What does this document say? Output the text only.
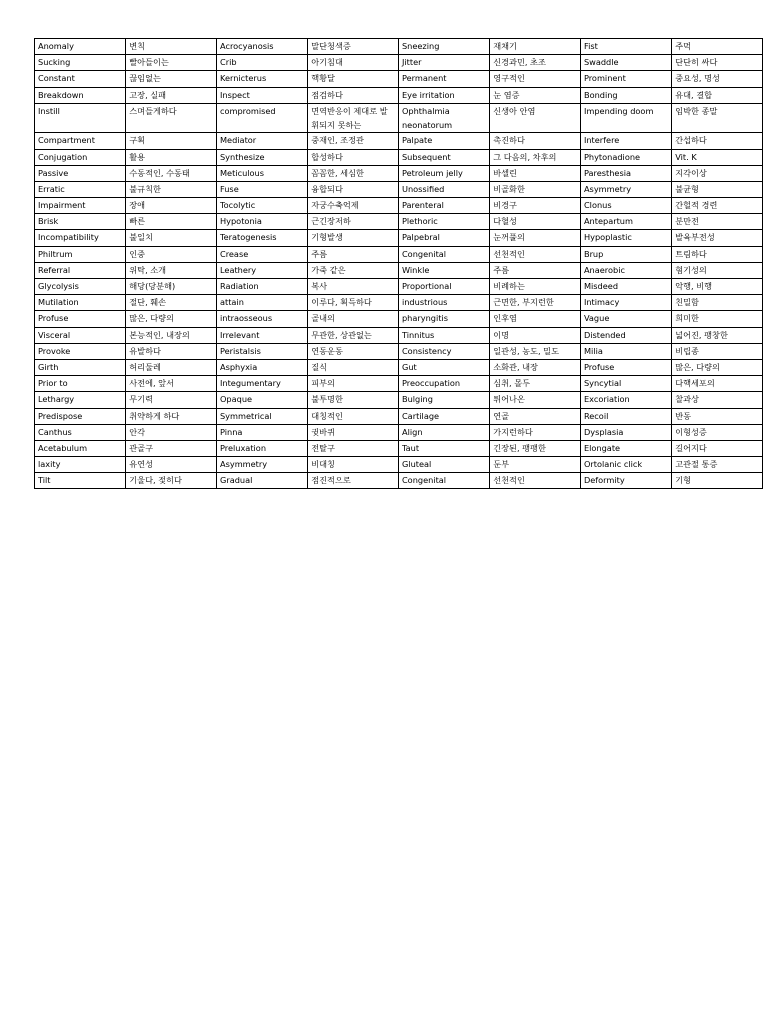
Anomaly	변칙	Acrocyanosis	말단청색증	Sneezing	재채기	Fist	주먹
Sucking	빨아들이는	Crib	아기침대	Jitter	신경과민, 초조	Swaddle	단단히 싸다
Constant	끊임없는	Kernicterus	핵황달	Permanent	영구적인	Prominent	중요성, 명성
Breakdown	고장, 실패	Inspect	점검하다	Eye irritation	눈 염증	Bonding	유대, 결합
Instill	스며들게하다	compromised	면역반응이 제대로 발휘되지 못하는	Ophthalmia neonatorum	신생아 안염	Impending doom	임박한 종말
Compartment	구획	Mediator	중재인, 조정관	Palpate	촉진하다	Interfere	간섭하다
Conjugation	활용	Synthesize	합성하다	Subsequent	그 다음의, 차후의	Phytonadione	Vit. K
Passive	수동적인, 수동태	Meticulous	꼼꼼한, 세심한	Petroleum jelly	바셀린	Paresthesia	지각이상
Erratic	불규칙한	Fuse	융합되다	Unossified	비골화한	Asymmetry	불균형
Impairment	장애	Tocolytic	자궁수축억제	Parenteral	비경구	Clonus	간헐적 경련
Brisk	빠른	Hypotonia	근긴장저하	Plethoric	다혈성	Antepartum	분만전
Incompatibility	불일치	Teratogenesis	기형발생	Palpebral	눈꺼풀의	Hypoplastic	발육부전성
Philtrum	인중	Crease	주름	Congenital	선천적인	Brup	트림하다
Referral	위탁, 소개	Leathery	가죽 같은	Winkle	주름	Anaerobic	혐기성의
Glycolysis	해당(당분해)	Radiation	복사	Proportional	비례하는	Misdeed	악행, 비행
Mutilation	절단, 훼손	attain	이루다, 획득하다	industrious	근면한, 부지런한	Intimacy	친밀함
Profuse	많은, 다량의	intraosseous	골내의	pharyngitis	인후염	Vague	희미한
Visceral	본능적인, 내장의	Irrelevant	무관한, 상관없는	Tinnitus	이명	Distended	넓어진, 팽창한
Provoke	유발하다	Peristalsis	연동운동	Consistency	일관성, 농도, 밀도	Milia	비립종
Girth	허리둘레	Asphyxia	질식	Gut	소화관, 내장	Profuse	많은, 다량의
Prior to	사전에, 앞서	Integumentary	피부의	Preoccupation	심취, 몰두	Syncytial	다핵세포의
Lethargy	무기력	Opaque	불투명한	Bulging	튀어나온	Excoriation	찰과상
Predispose	취약하게 하다	Symmetrical	대칭적인	Cartilage	연골	Recoil	반동
Canthus	안각	Pinna	귓바퀴	Align	가지런하다	Dysplasia	이형성증
Acetabulum	관골구	Preluxation	전탈구	Taut	긴장된, 팽팽한	Elongate	길어지다
laxity	유연성	Asymmetry	비대칭	Gluteal	둔부	Ortolanic click	고관절 통증
Tilt	기울다, 젖히다	Gradual	점진적으로	Congenital	선천적인	Deformity	기형
